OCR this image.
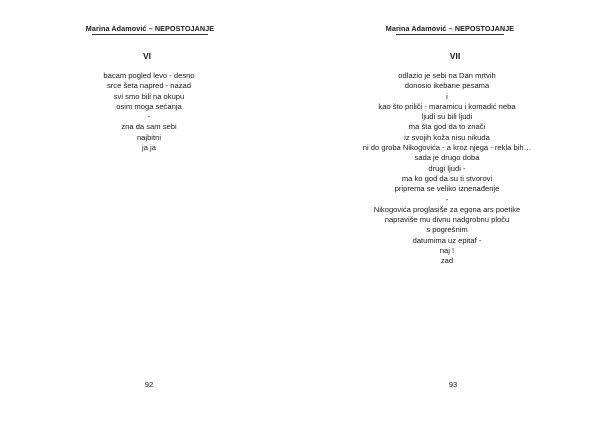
Marina Adamović – NEPOSTOJANJE
VI
bacam pogled levo - desno
srce šeta napred - nazad
svi smo bili na okupu
osim moga sećanja
-
zna da sam sebi
najbitni
ja ja
92
Marina Adamović – NEPOSTOJANJE
VII
odlazio je sebi na Dan mrtvih
donosio ikebane pesama
i
kao što priliči - maramicu i komadić neba
ljudi su bili ljudi
ma šta god da to znači
iz svojih koža nisu nikuda
ni do groba Nikogovića - a kroz njega - rekla bih…
sada je drugo doba
drugi ljudi -
ma ko god da su ti stvorovi
priprema se veliko iznenađenje
-
Nikogovića proglasiše za egona ars poetike
napraviše mu divnu nadgrobnu ploču
s pogrešnim
datumima uz epitaf -
naj !
zad
93
